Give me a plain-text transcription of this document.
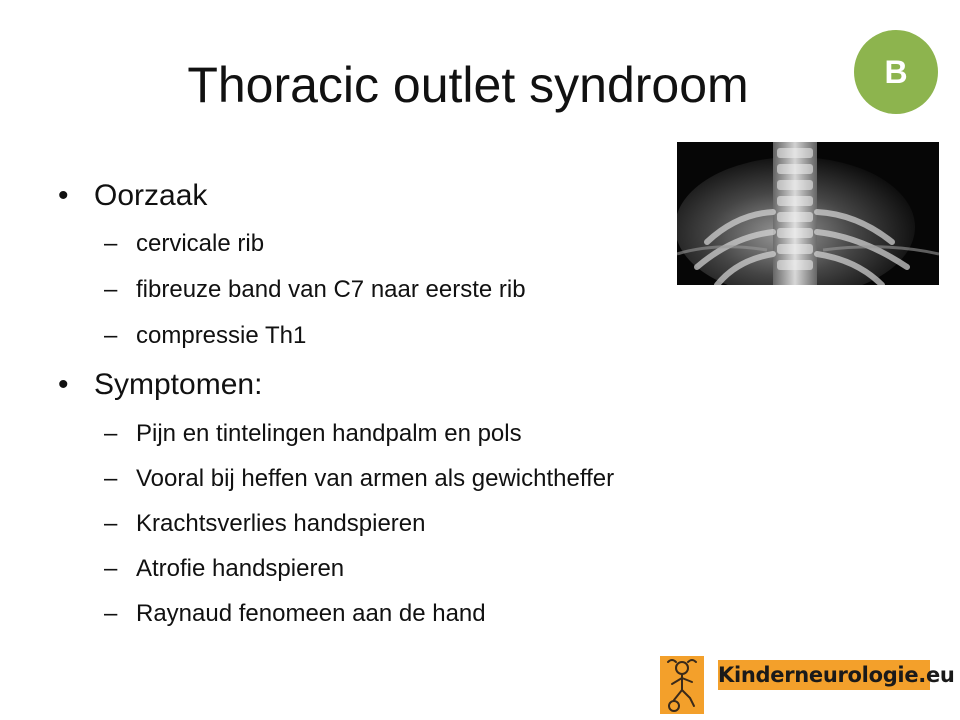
Thoracic outlet syndroom	B
• Oorzaak
– cervicale rib
– fibreuze band van C7 naar eerste rib
– compressie Th1
• Symptomen:
– Pijn en tintelingen handpalm en pols
– Vooral bij heffen van armen als gewichtheffer
– Krachtsverlies handspieren
– Atrofie handspieren
– Raynaud fenomeen aan de hand
Kinderneurologie.eu
